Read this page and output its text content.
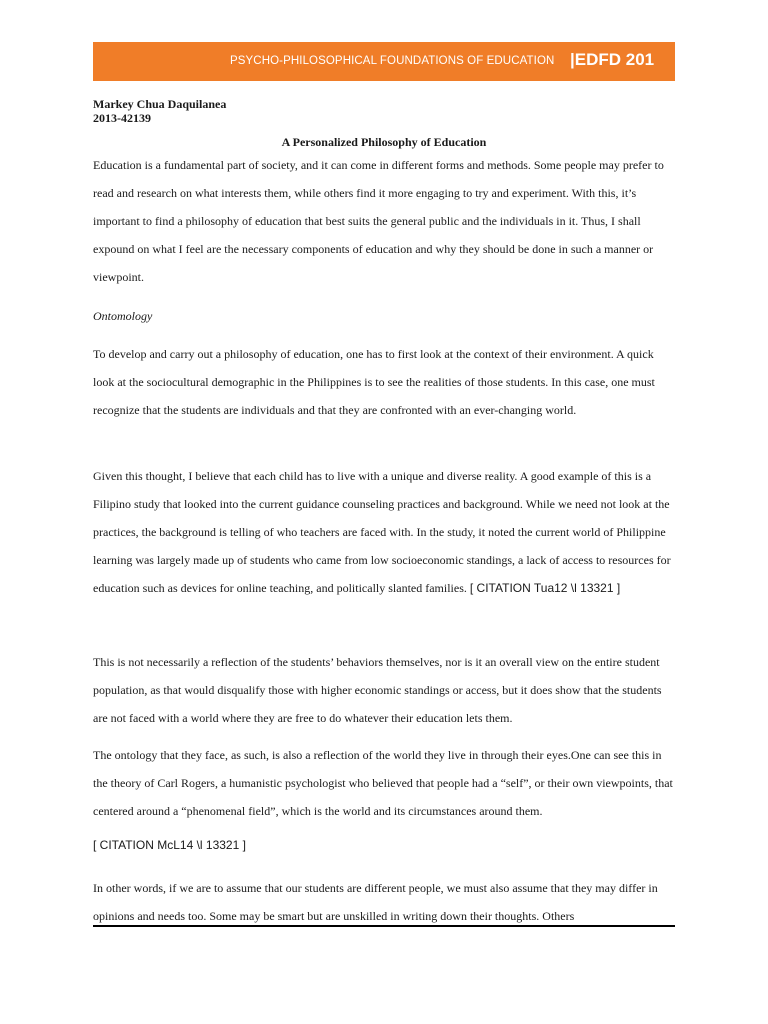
PSYCHO-PHILOSOPHICAL FOUNDATIONS OF EDUCATION |EDFD 201
Markey Chua Daquilanea
2013-42139
A Personalized Philosophy of Education

Education is a fundamental part of society, and it can come in different forms and methods. Some people may prefer to read and research on what interests them, while others find it more engaging to try and experiment. With this, it’s important to find a philosophy of education that best suits the general public and the individuals in it. Thus, I shall expound on what I feel are the necessary components of education and why they should be done in such a manner or viewpoint.

Ontomology

To develop and carry out a philosophy of education, one has to first look at the context of their environment. A quick look at the sociocultural demographic in the Philippines is to see the realities of those students. In this case, one must recognize that the students are individuals and that they are confronted with an ever-changing world.

Given this thought, I believe that each child has to live with a unique and diverse reality. A good example of this is a Filipino study that looked into the current guidance counseling practices and background. While we need not look at the practices, the background is telling of who teachers are faced with. In the study, it noted the current world of Philippine learning was largely made up of students who came from low socioeconomic standings, a lack of access to resources for education such as devices for online teaching, and politically slanted families. [ CITATION Tua12 \l 13321 ]

This is not necessarily a reflection of the students’ behaviors themselves, nor is it an overall view on the entire student population, as that would disqualify those with higher economic standings or access, but it does show that the students are not faced with a world where they are free to do whatever their education lets them.

The ontology that they face, as such, is also a reflection of the world they live in through their eyes.One can see this in the theory of Carl Rogers, a humanistic psychologist who believed that people had a “self”, or their own viewpoints, that centered around a “phenomenal field”, which is the world and its circumstances around them.

[ CITATION McL14 \l 13321 ]

In other words, if we are to assume that our students are different people, we must also assume that they may differ in opinions and needs too. Some may be smart but are unskilled in writing down their thoughts. Others
